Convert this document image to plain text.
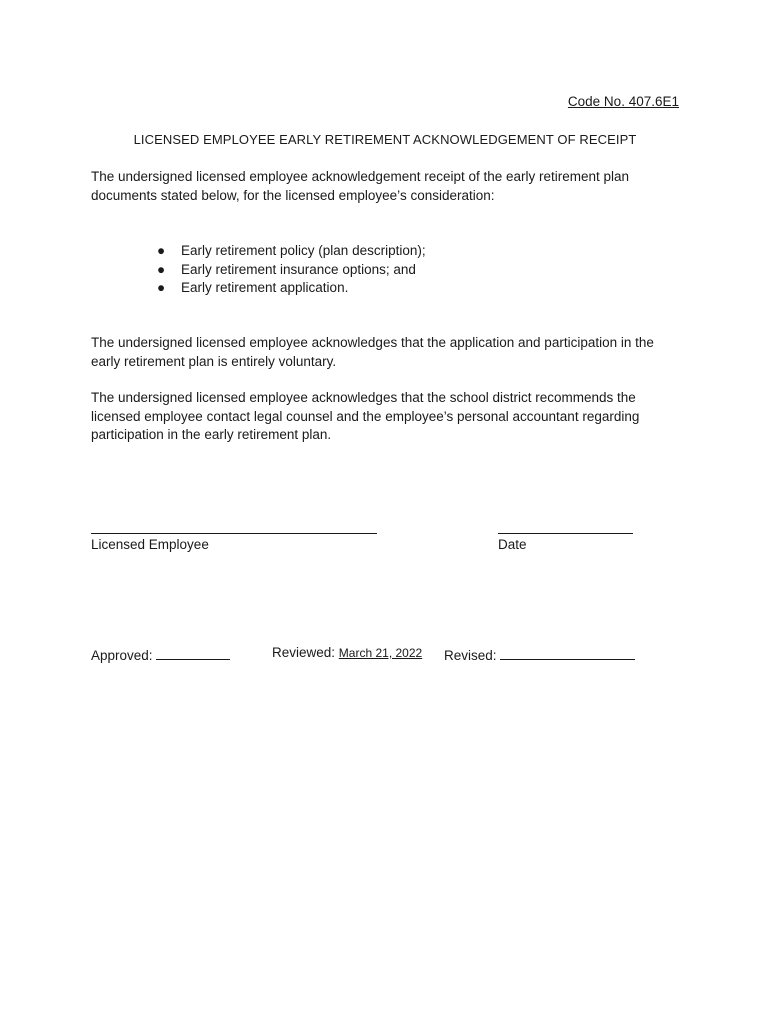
Code No. 407.6E1
LICENSED EMPLOYEE EARLY RETIREMENT ACKNOWLEDGEMENT OF RECEIPT

The undersigned licensed employee acknowledgement receipt of the early retirement plan documents stated below, for the licensed employee’s consideration:

● Early retirement policy (plan description);
● Early retirement insurance options; and
● Early retirement application.

The undersigned licensed employee acknowledges that the application and participation in the early retirement plan is entirely voluntary.

The undersigned licensed employee acknowledges that the school district recommends the licensed employee contact legal counsel and the employee’s personal accountant regarding participation in the early retirement plan.

Licensed Employee	Date
Approved:	Reviewed: March 21, 2022 Revised:
